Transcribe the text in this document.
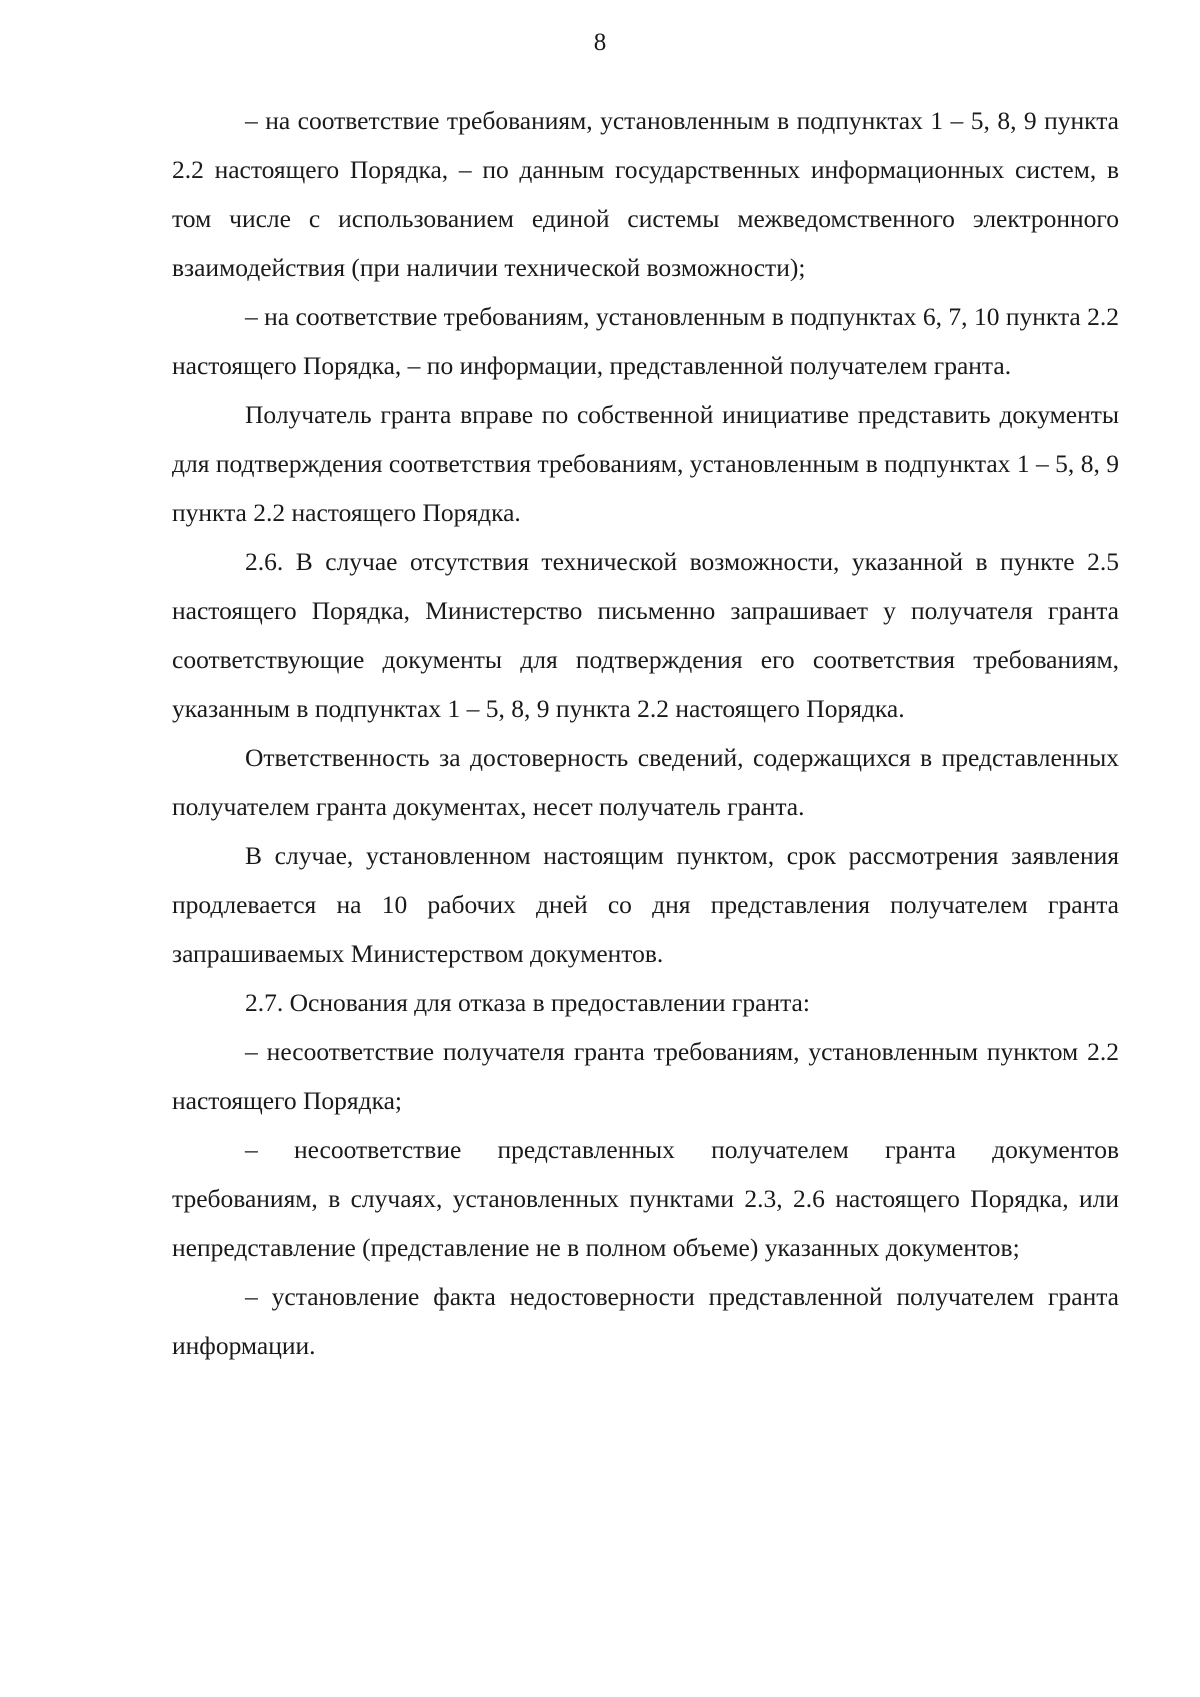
8

– на соответствие требованиям, установленным в подпунктах 1 – 5, 8, 9 пункта 2.2 настоящего Порядка, – по данным государственных информационных систем, в том числе с использованием единой системы межведомственного электронного взаимодействия (при наличии технической возможности);

– на соответствие требованиям, установленным в подпунктах 6, 7, 10 пункта 2.2 настоящего Порядка, – по информации, представленной получателем гранта.

Получатель гранта вправе по собственной инициативе представить документы для подтверждения соответствия требованиям, установленным в подпунктах 1 – 5, 8, 9 пункта 2.2 настоящего Порядка.

2.6. В случае отсутствия технической возможности, указанной в пункте 2.5 настоящего Порядка, Министерство письменно запрашивает у получателя гранта соответствующие документы для подтверждения его соответствия требованиям, указанным в подпунктах 1 – 5, 8, 9 пункта 2.2 настоящего Порядка.

Ответственность за достоверность сведений, содержащихся в представленных получателем гранта документах, несет получатель гранта.

В случае, установленном настоящим пунктом, срок рассмотрения заявления продлевается на 10 рабочих дней со дня представления получателем гранта запрашиваемых Министерством документов.

2.7. Основания для отказа в предоставлении гранта:

– несоответствие получателя гранта требованиям, установленным пунктом 2.2 настоящего Порядка;

– несоответствие представленных получателем гранта документов требованиям, в случаях, установленных пунктами 2.3, 2.6 настоящего Порядка, или непредставление (представление не в полном объеме) указанных документов;

– установление факта недостоверности представленной получателем гранта информации.
